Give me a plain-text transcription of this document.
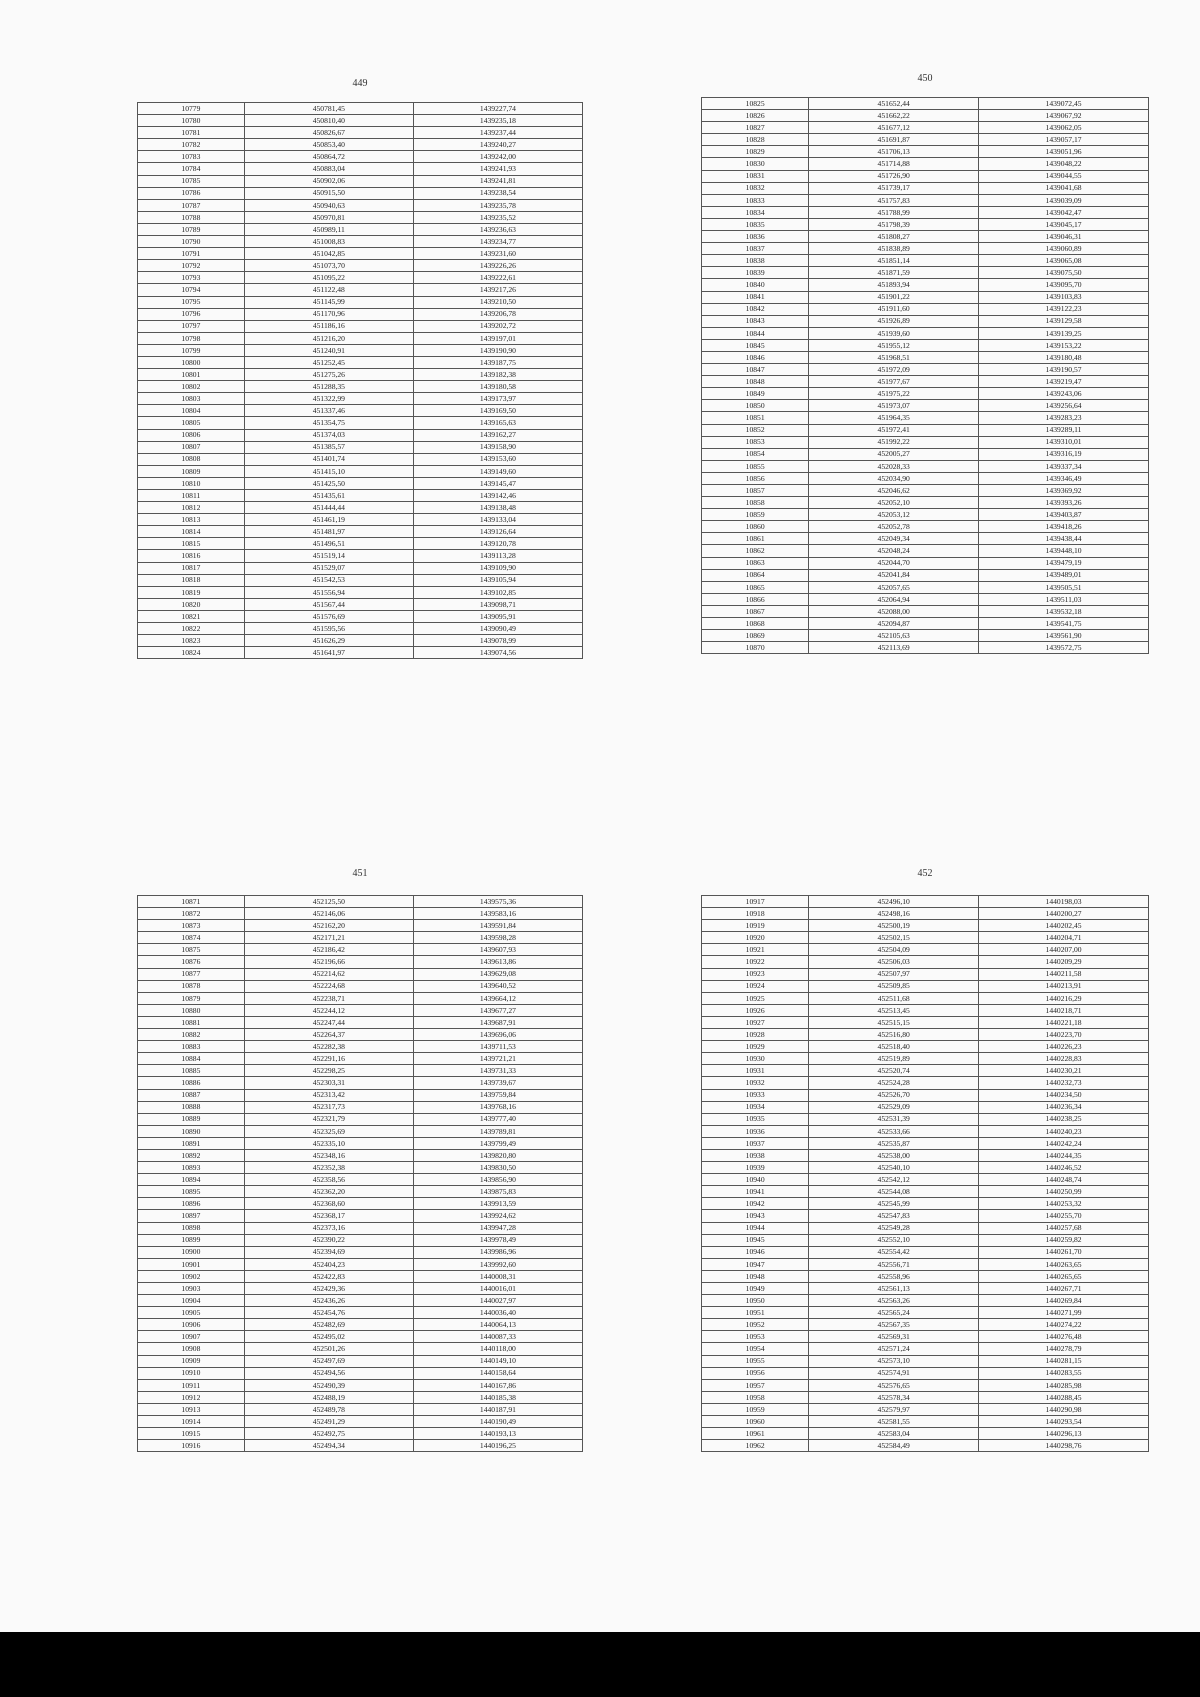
449
10779	450781,45	1439227,74
10780	450810,40	1439235,18
10781	450826,67	1439237,44
10782	450853,40	1439240,27
10783	450864,72	1439242,00
10784	450883,04	1439241,93
10785	450902,06	1439241,81
10786	450915,50	1439238,54
10787	450940,63	1439235,78
10788	450970,81	1439235,52
10789	450989,11	1439236,63
10790	451008,83	1439234,77
10791	451042,85	1439231,60
10792	451073,70	1439226,26
10793	451095,22	1439222,61
10794	451122,48	1439217,26
10795	451145,99	1439210,50
10796	451170,96	1439206,78
10797	451186,16	1439202,72
10798	451216,20	1439197,01
10799	451240,91	1439190,90
10800	451252,45	1439187,75
10801	451275,26	1439182,38
10802	451288,35	1439180,58
10803	451322,99	1439173,97
10804	451337,46	1439169,50
10805	451354,75	1439165,63
10806	451374,03	1439162,27
10807	451385,57	1439158,90
10808	451401,74	1439153,60
10809	451415,10	1439149,60
10810	451425,50	1439145,47
10811	451435,61	1439142,46
10812	451444,44	1439138,48
10813	451461,19	1439133,04
10814	451481,97	1439126,64
10815	451496,51	1439120,78
10816	451519,14	1439113,28
10817	451529,07	1439109,90
10818	451542,53	1439105,94
10819	451556,94	1439102,85
10820	451567,44	1439098,71
10821	451576,69	1439095,91
10822	451595,56	1439090,49
10823	451626,29	1439078,99
10824	451641,97	1439074,56
450
10825	451652,44	1439072,45
10826	451662,22	1439067,92
10827	451677,12	1439062,05
10828	451691,87	1439057,17
10829	451706,13	1439051,96
10830	451714,88	1439048,22
10831	451726,90	1439044,55
10832	451739,17	1439041,68
10833	451757,83	1439039,09
10834	451788,99	1439042,47
10835	451798,39	1439045,17
10836	451808,27	1439046,31
10837	451838,89	1439060,89
10838	451851,14	1439065,08
10839	451871,59	1439075,50
10840	451893,94	1439095,70
10841	451901,22	1439103,83
10842	451911,60	1439122,23
10843	451926,89	1439129,58
10844	451939,60	1439139,25
10845	451955,12	1439153,22
10846	451968,51	1439180,48
10847	451972,09	1439190,57
10848	451977,67	1439219,47
10849	451975,22	1439243,06
10850	451973,07	1439256,64
10851	451964,35	1439283,23
10852	451972,41	1439289,11
10853	451992,22	1439310,01
10854	452005,27	1439316,19
10855	452028,33	1439337,34
10856	452034,90	1439346,49
10857	452046,62	1439369,92
10858	452052,10	1439393,26
10859	452053,12	1439403,87
10860	452052,78	1439418,26
10861	452049,34	1439438,44
10862	452048,24	1439448,10
10863	452044,70	1439479,19
10864	452041,84	1439489,01
10865	452057,65	1439505,51
10866	452064,94	1439511,03
10867	452088,00	1439532,18
10868	452094,87	1439541,75
10869	452105,63	1439561,90
10870	452113,69	1439572,75
451
10871	452125,50	1439575,36
10872	452146,06	1439583,16
10873	452162,20	1439591,84
10874	452171,21	1439598,28
10875	452186,42	1439607,93
10876	452196,66	1439613,86
10877	452214,62	1439629,08
10878	452224,68	1439640,52
10879	452238,71	1439664,12
10880	452244,12	1439677,27
10881	452247,44	1439687,91
10882	452264,37	1439696,06
10883	452282,38	1439711,53
10884	452291,16	1439721,21
10885	452298,25	1439731,33
10886	452303,31	1439739,67
10887	452313,42	1439759,84
10888	452317,73	1439768,16
10889	452321,79	1439777,40
10890	452325,69	1439789,81
10891	452335,10	1439799,49
10892	452348,16	1439820,80
10893	452352,38	1439830,50
10894	452358,56	1439856,90
10895	452362,20	1439875,83
10896	452368,60	1439913,59
10897	452368,17	1439924,62
10898	452373,16	1439947,28
10899	452390,22	1439978,49
10900	452394,69	1439986,96
10901	452404,23	1439992,60
10902	452422,83	1440008,31
10903	452429,36	1440016,01
10904	452436,26	1440027,97
10905	452454,76	1440036,40
10906	452482,69	1440064,13
10907	452495,02	1440087,33
10908	452501,26	1440118,00
10909	452497,69	1440149,10
10910	452494,56	1440158,64
10911	452490,39	1440167,86
10912	452488,19	1440185,38
10913	452489,78	1440187,91
10914	452491,29	1440190,49
10915	452492,75	1440193,13
10916	452494,34	1440196,25
452
10917	452496,10	1440198,03
10918	452498,16	1440200,27
10919	452500,19	1440202,45
10920	452502,15	1440204,71
10921	452504,09	1440207,00
10922	452506,03	1440209,29
10923	452507,97	1440211,58
10924	452509,85	1440213,91
10925	452511,68	1440216,29
10926	452513,45	1440218,71
10927	452515,15	1440221,18
10928	452516,80	1440223,70
10929	452518,40	1440226,23
10930	452519,89	1440228,83
10931	452520,74	1440230,21
10932	452524,28	1440232,73
10933	452526,70	1440234,50
10934	452529,09	1440236,34
10935	452531,39	1440238,25
10936	452533,66	1440240,23
10937	452535,87	1440242,24
10938	452538,00	1440244,35
10939	452540,10	1440246,52
10940	452542,12	1440248,74
10941	452544,08	1440250,99
10942	452545,99	1440253,32
10943	452547,83	1440255,70
10944	452549,28	1440257,68
10945	452552,10	1440259,82
10946	452554,42	1440261,70
10947	452556,71	1440263,65
10948	452558,96	1440265,65
10949	452561,13	1440267,71
10950	452563,26	1440269,84
10951	452565,24	1440271,99
10952	452567,35	1440274,22
10953	452569,31	1440276,48
10954	452571,24	1440278,79
10955	452573,10	1440281,15
10956	452574,91	1440283,55
10957	452576,65	1440285,98
10958	452578,34	1440288,45
10959	452579,97	1440290,98
10960	452581,55	1440293,54
10961	452583,04	1440296,13
10962	452584,49	1440298,76
